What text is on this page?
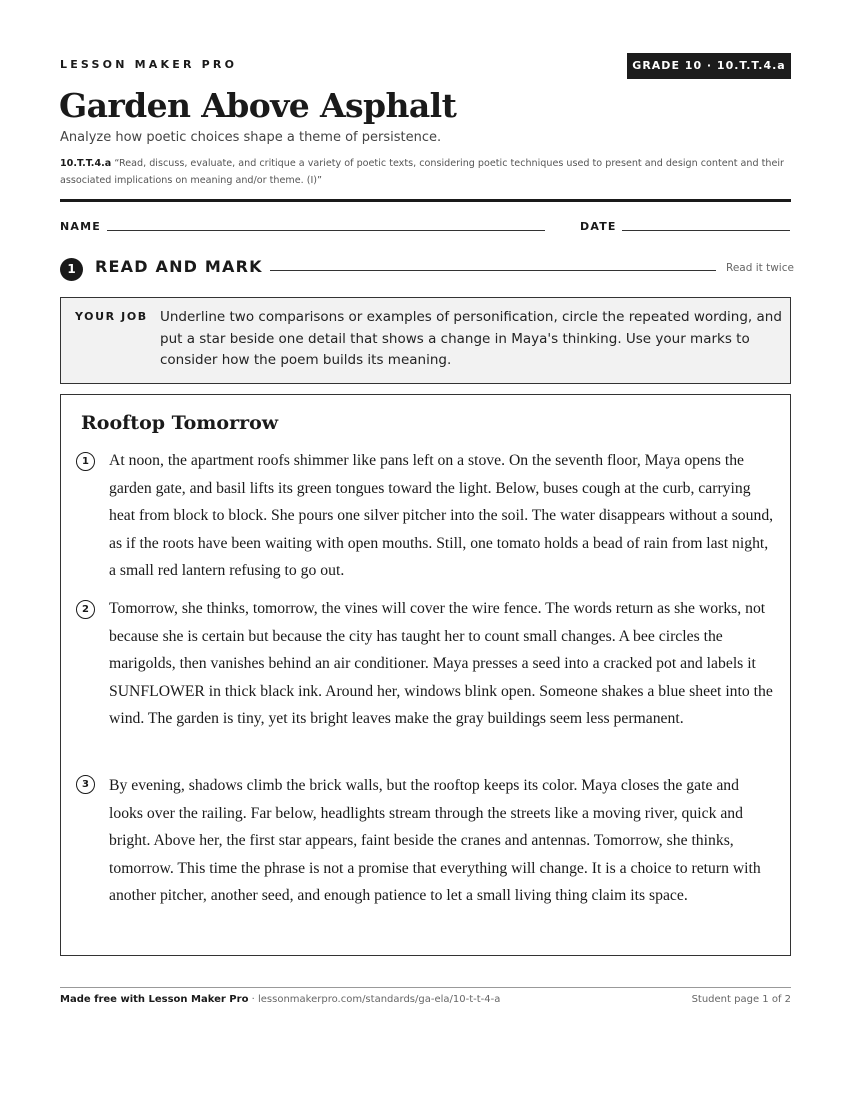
LESSON MAKER PRO	GRADE 10 · 10.T.T.4.a
Garden Above Asphalt
Analyze how poetic choices shape a theme of persistence.
10.T.T.4.a “Read, discuss, evaluate, and critique a variety of poetic texts, considering poetic techniques used to present and design content and their associated implications on meaning and/or theme. (I)”
NAME	DATE
1	READ AND MARK	Read it twice
YOUR JOB Underline two comparisons or examples of personification, circle the repeated wording, and put a star beside one detail that shows a change in Maya's thinking. Use your marks to consider how the poem builds its meaning.
Rooftop Tomorrow
1	At noon, the apartment roofs shimmer like pans left on a stove. On the seventh floor, Maya opens the garden gate, and basil lifts its green tongues toward the light. Below, buses cough at the curb, carrying heat from block to block. She pours one silver pitcher into the soil. The water disappears without a sound, as if the roots have been waiting with open mouths. Still, one tomato holds a bead of rain from last night, a small red lantern refusing to go out.
2	Tomorrow, she thinks, tomorrow, the vines will cover the wire fence. The words return as she works, not because she is certain but because the city has taught her to count small changes. A bee circles the marigolds, then vanishes behind an air conditioner. Maya presses a seed into a cracked pot and labels it SUNFLOWER in thick black ink. Around her, windows blink open. Someone shakes a blue sheet into the wind. The garden is tiny, yet its bright leaves make the gray buildings seem less permanent.
3	By evening, shadows climb the brick walls, but the rooftop keeps its color. Maya closes the gate and looks over the railing. Far below, headlights stream through the streets like a moving river, quick and bright. Above her, the first star appears, faint beside the cranes and antennas. Tomorrow, she thinks, tomorrow. This time the phrase is not a promise that everything will change. It is a choice to return with another pitcher, another seed, and enough patience to let a small living thing claim its space.
Made free with Lesson Maker Pro · lessonmakerpro.com/standards/ga-ela/10-t-t-4-a	Student page 1 of 2
